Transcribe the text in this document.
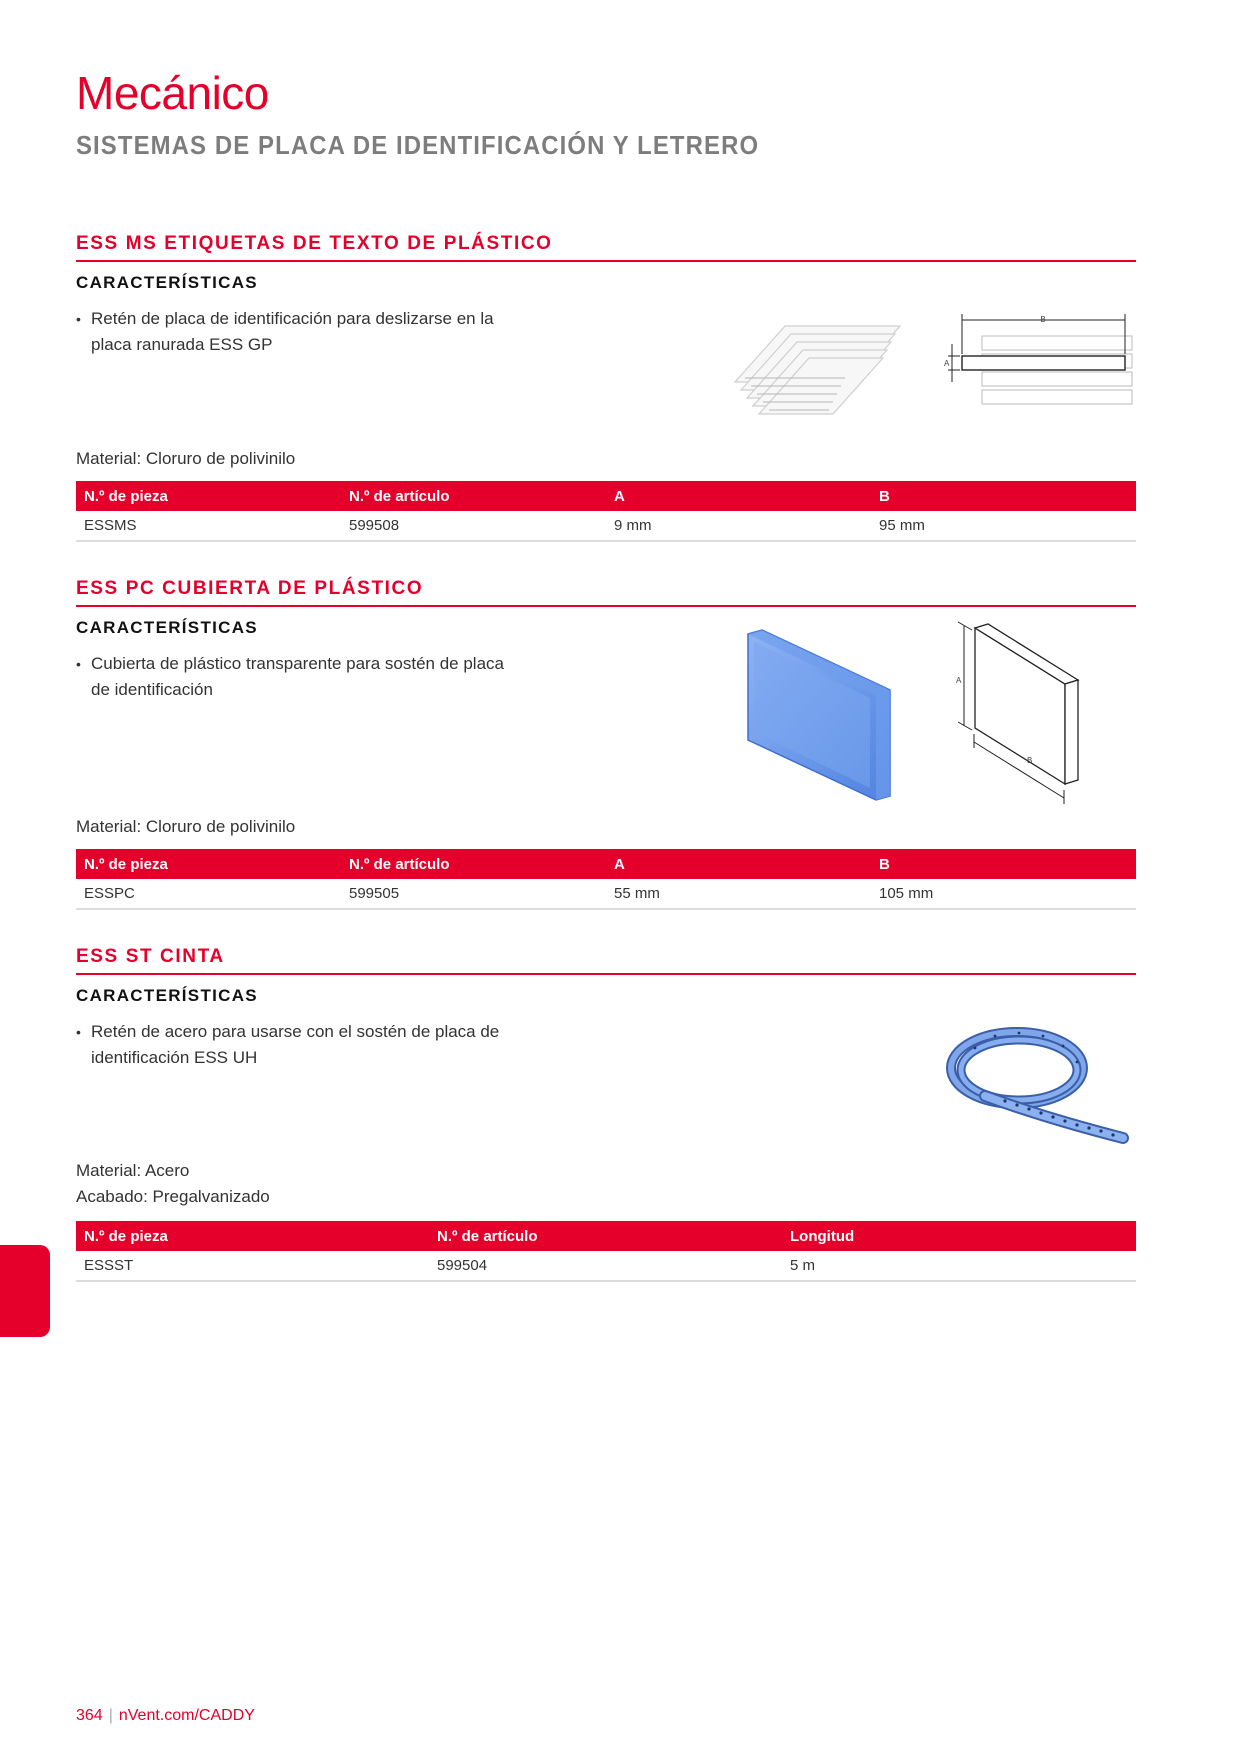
Mecánico
SISTEMAS DE PLACA DE IDENTIFICACIÓN Y LETRERO
ESS MS ETIQUETAS DE TEXTO DE PLÁSTICO
CARACTERÍSTICAS
• Retén de placa de identificación para deslizarse en la placa ranurada ESS GP
B
A
Material: Cloruro de polivinilo
N.º de pieza	N.º de artículo	A	B
ESSMS	599508	9 mm	95 mm
ESS PC CUBIERTA DE PLÁSTICO
CARACTERÍSTICAS
• Cubierta de plástico transparente para sostén de placa de identificación	A
B
Material: Cloruro de polivinilo
N.º de pieza	N.º de artículo	A	B
ESSPC	599505	55 mm	105 mm
ESS ST CINTA
CARACTERÍSTICAS
• Retén de acero para usarse con el sostén de placa de identificación ESS UH
Material: Acero
Acabado: Pregalvanizado
N.º de pieza	N.º de artículo	Longitud
ESSST	599504	5 m
364 | nVent.com/CADDY
